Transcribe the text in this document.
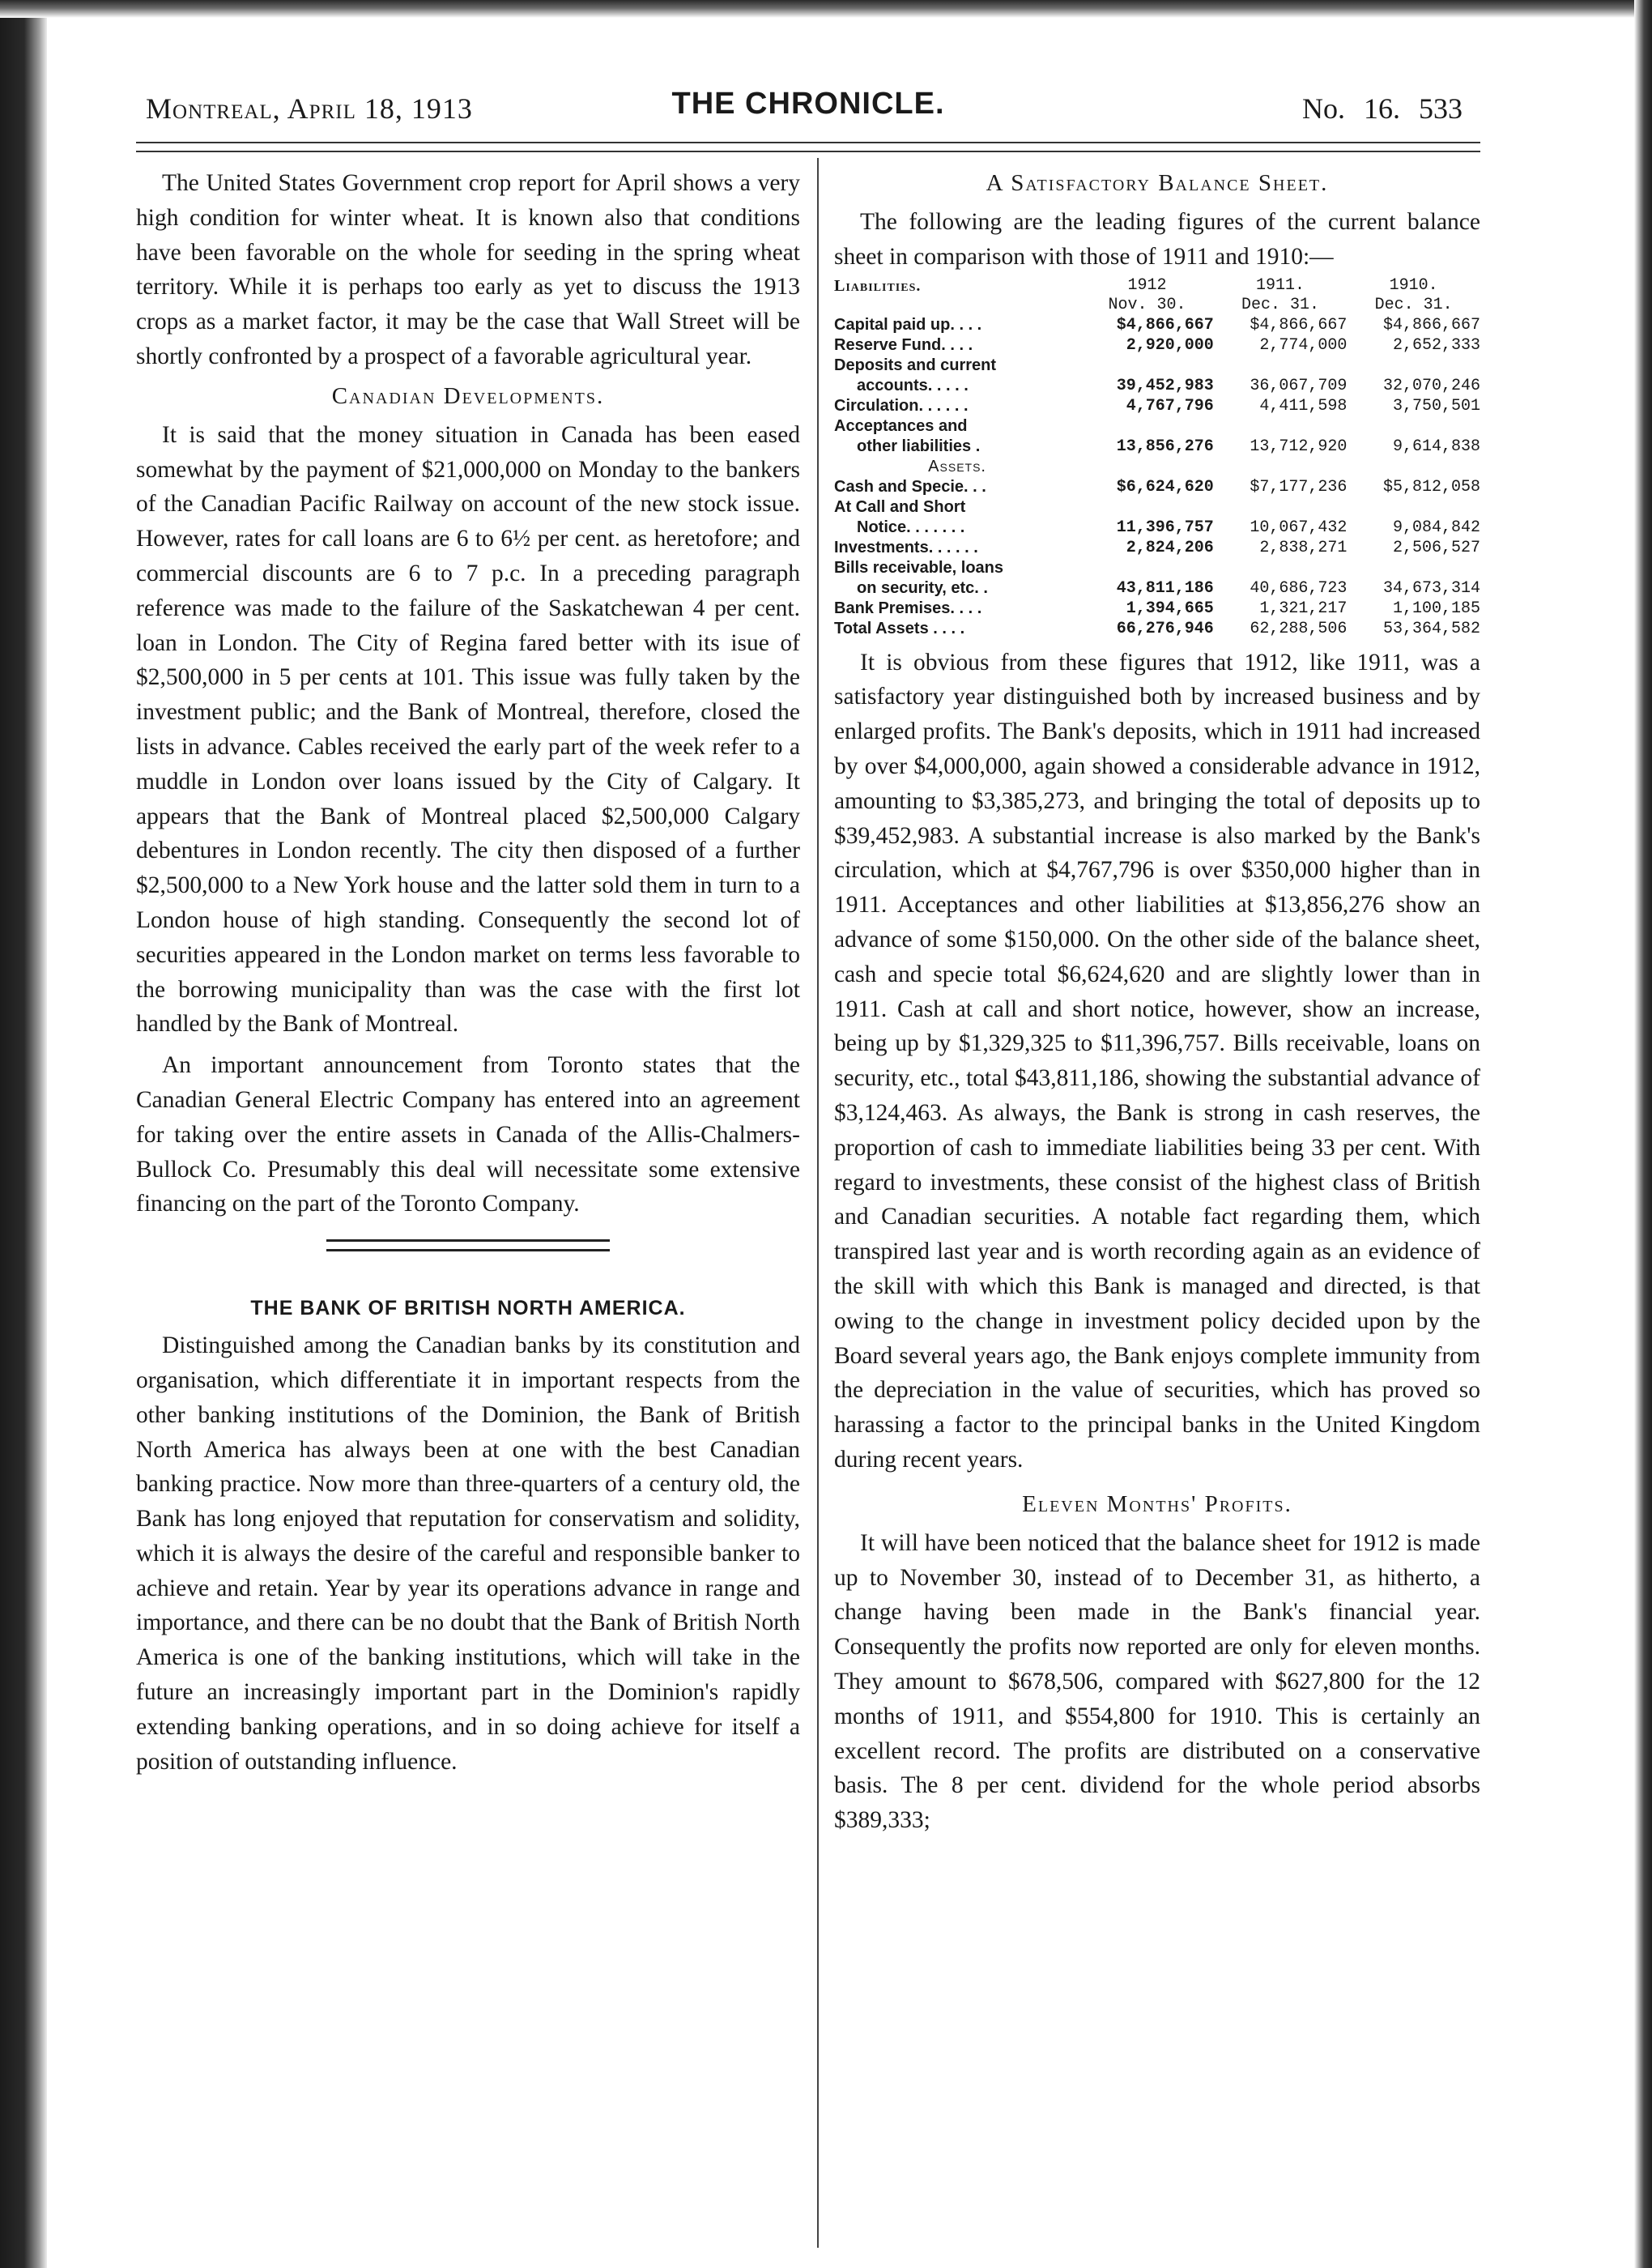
Montreal, April 18, 1913	THE CHRONICLE.	No. 16. 533

The United States Government crop report for April shows a very high condition for winter wheat. It is known also that conditions have been favorable on the whole for seeding in the spring wheat territory. While it is perhaps too early as yet to discuss the 1913 crops as a market factor, it may be the case that Wall Street will be shortly confronted by a prospect of a favorable agricultural year.

Canadian Developments.

It is said that the money situation in Canada has been eased somewhat by the payment of $21,000,000 on Monday to the bankers of the Canadian Pacific Railway on account of the new stock issue. However, rates for call loans are 6 to 6½ per cent. as heretofore; and commercial discounts are 6 to 7 p.c. In a preceding paragraph reference was made to the failure of the Saskatchewan 4 per cent. loan in London. The City of Regina fared better with its isue of $2,500,000 in 5 per cents at 101. This issue was fully taken by the investment public; and the Bank of Montreal, therefore, closed the lists in advance. Cables received the early part of the week refer to a muddle in London over loans issued by the City of Calgary. It appears that the Bank of Montreal placed $2,500,000 Calgary debentures in London recently. The city then disposed of a further $2,500,000 to a New York house and the latter sold them in turn to a London house of high standing. Consequently the second lot of securities appeared in the London market on terms less favorable to the borrowing municipality than was the case with the first lot handled by the Bank of Montreal.

An important announcement from Toronto states that the Canadian General Electric Company has entered into an agreement for taking over the entire assets in Canada of the Allis-Chalmers-Bullock Co. Presumably this deal will necessitate some extensive financing on the part of the Toronto Company.

THE BANK OF BRITISH NORTH AMERICA.

Distinguished among the Canadian banks by its constitution and organisation, which differentiate it in important respects from the other banking institutions of the Dominion, the Bank of British North America has always been at one with the best Canadian banking practice. Now more than three-quarters of a century old, the Bank has long enjoyed that reputation for conservatism and solidity, which it is always the desire of the careful and responsible banker to achieve and retain. Year by year its operations advance in range and importance, and there can be no doubt that the Bank of British North America is one of the banking institutions, which will take in the future an increasingly important part in the Dominion's rapidly extending banking operations, and in so doing achieve for itself a position of outstanding influence.

A Satisfactory Balance Sheet.

The following are the leading figures of the current balance sheet in comparison with those of 1911 and 1910:—

Liabilities.	1912	1911.	1910.
	Nov. 30.	Dec. 31.	Dec. 31.
Capital paid up. . . .	$4,866,667	$4,866,667	$4,866,667
Reserve Fund. . . .	2,920,000	2,774,000	2,652,333
Deposits and current			
accounts. . . . .	39,452,983	36,067,709	32,070,246
Circulation. . . . . .	4,767,796	4,411,598	3,750,501
Acceptances and			
other liabilities .	13,856,276	13,712,920	9,614,838
Assets.			
Cash and Specie. . .	$6,624,620	$7,177,236	$5,812,058
At Call and Short			
Notice. . . . . . .	11,396,757	10,067,432	9,084,842
Investments. . . . . .	2,824,206	2,838,271	2,506,527
Bills receivable, loans			
on security, etc. .	43,811,186	40,686,723	34,673,314
Bank Premises. . . .	1,394,665	1,321,217	1,100,185
Total Assets . . . .	66,276,946	62,288,506	53,364,582

It is obvious from these figures that 1912, like 1911, was a satisfactory year distinguished both by increased business and by enlarged profits. The Bank's deposits, which in 1911 had increased by over $4,000,000, again showed a considerable advance in 1912, amounting to $3,385,273, and bringing the total of deposits up to $39,452,983. A substantial increase is also marked by the Bank's circulation, which at $4,767,796 is over $350,000 higher than in 1911. Acceptances and other liabilities at $13,856,276 show an advance of some $150,000. On the other side of the balance sheet, cash and specie total $6,624,620 and are slightly lower than in 1911. Cash at call and short notice, however, show an increase, being up by $1,329,325 to $11,396,757. Bills receivable, loans on security, etc., total $43,811,186, showing the substantial advance of $3,124,463. As always, the Bank is strong in cash reserves, the proportion of cash to immediate liabilities being 33 per cent. With regard to investments, these consist of the highest class of British and Canadian securities. A notable fact regarding them, which transpired last year and is worth recording again as an evidence of the skill with which this Bank is managed and directed, is that owing to the change in investment policy decided upon by the Board several years ago, the Bank enjoys complete immunity from the depreciation in the value of securities, which has proved so harassing a factor to the principal banks in the United Kingdom during recent years.

Eleven Months' Profits.

It will have been noticed that the balance sheet for 1912 is made up to November 30, instead of to December 31, as hitherto, a change having been made in the Bank's financial year. Consequently the profits now reported are only for eleven months. They amount to $678,506, compared with $627,800 for the 12 months of 1911, and $554,800 for 1910. This is certainly an excellent record. The profits are distributed on a conservative basis. The 8 per cent. dividend for the whole period absorbs $389,333;
